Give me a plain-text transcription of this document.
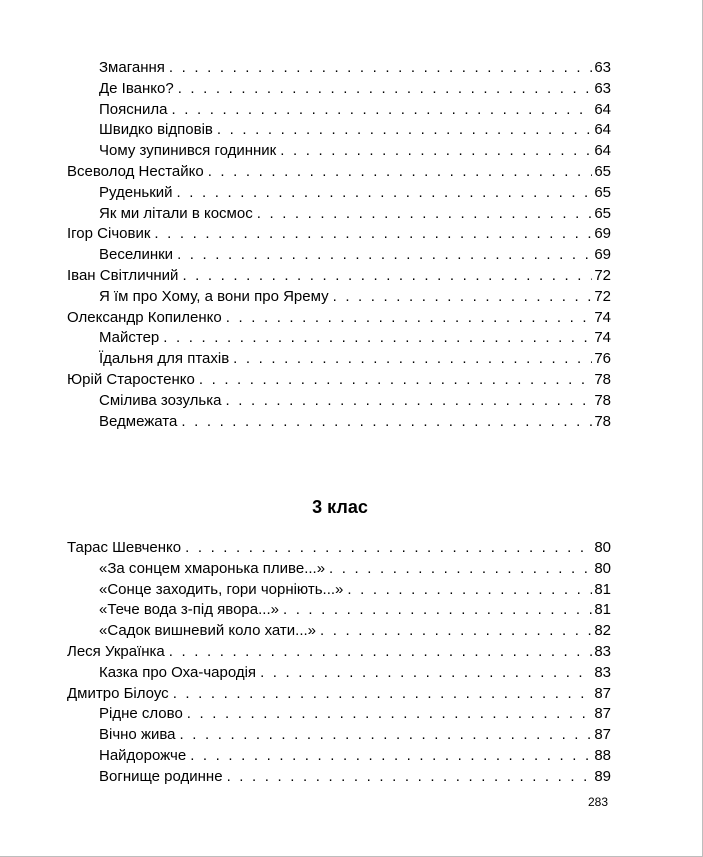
Змагання . . .	63
Де Іванко? . . .	63
Пояснила . . .	64
Швидко відповів . . .	64
Чому зупинився годинник . . .	64
Всеволод Нестайко . . .	65
Руденький . . .	65
Як ми літали в космос . . .	65
Ігор Січовик . . .	69
Веселинки . . .	69
Іван Світличний . . .	72
Я їм про Хому, а вони про Ярему . . .	72
Олександр Копиленко . . .	74
Майстер . . .	74
Їдальня для птахів . . .	76
Юрій Старостенко . . .	78
Смілива зозулька . . .	78
Ведмежата . . .	78
3 клас
Тарас Шевченко . . .	80
«За сонцем хмаронька пливе...» . . .	80
«Сонце заходить, гори чорніють...» . . .	81
«Тече вода з-під явора...» . . .	81
«Садок вишневий коло хати...» . . .	82
Леся Українка . . .	83
Казка про Оха-чародія . . .	83
Дмитро Білоус . . .	87
Рідне слово . . .	87
Вічно жива . . .	87
Найдорожче . . .	88
Вогнище родинне . . .	89
283
